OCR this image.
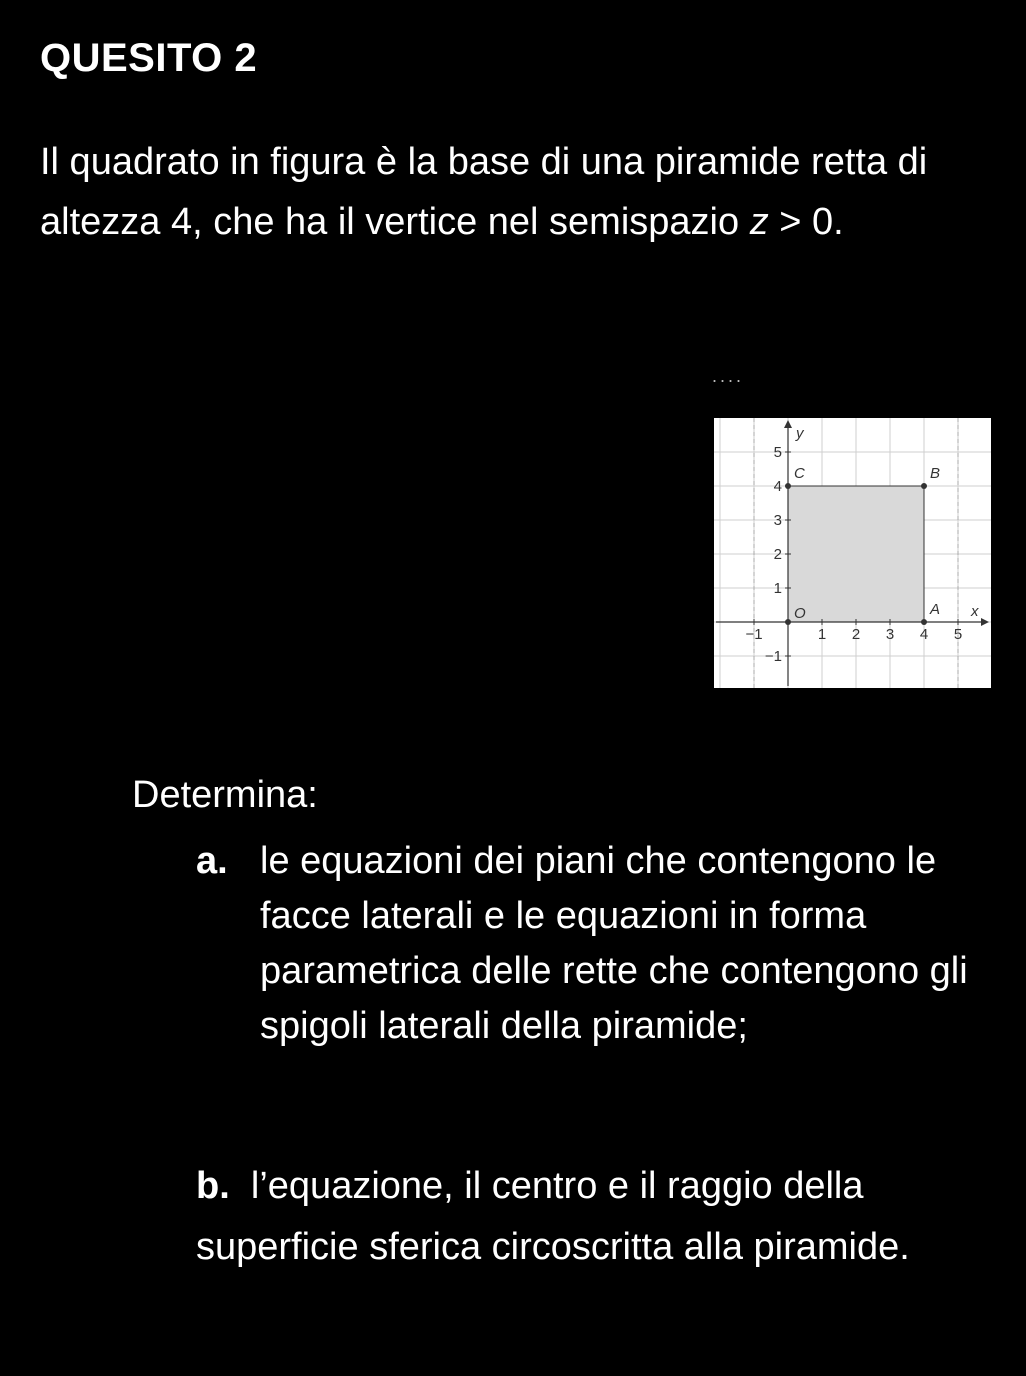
QUESITO 2
Il quadrato in figura è la base di una piramide retta di altezza 4, che ha il vertice nel semispazio z > 0.
....
x
y
−1	1 2 3 4 5
−1
1
2
3
4
5
O	A
B
C
Determina:
a. le equazioni dei piani che contengono le facce laterali e le equazioni in forma parametrica delle rette che contengono gli spigoli laterali della piramide;
b. l’equazione, il centro e il raggio della superficie sferica circoscritta alla piramide.
